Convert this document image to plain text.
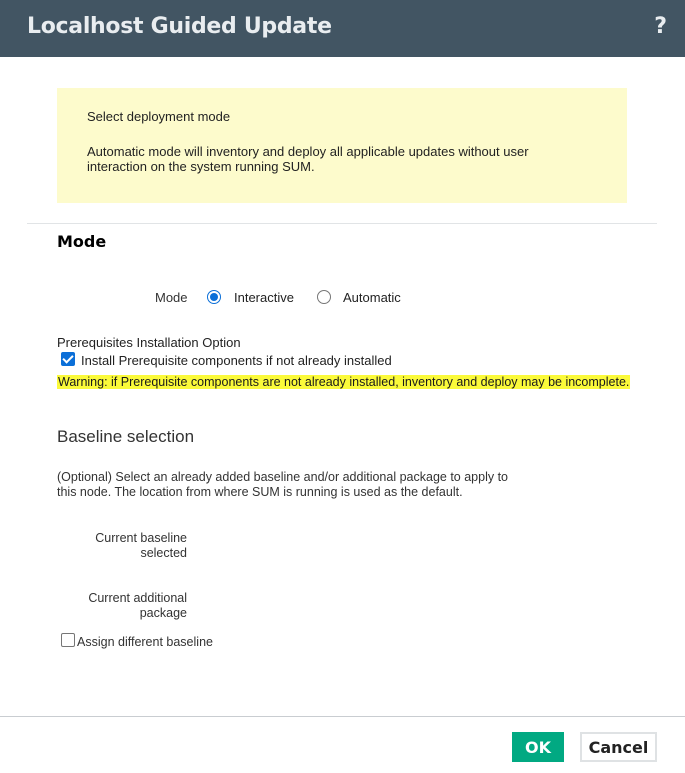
Localhost Guided Update	?
Select deployment mode
Automatic mode will inventory and deploy all applicable updates without user interaction on the system running SUM.
Mode
Mode	Interactive	Automatic
Prerequisites Installation Option
Install Prerequisite components if not already installed
Warning: if Prerequisite components are not already installed, inventory and deploy may be incomplete.
Baseline selection
(Optional) Select an already added baseline and/or additional package to apply to this node. The location from where SUM is running is used as the default.
Current baseline
selected
Current additional
package
Assign different baseline
OK	Cancel
